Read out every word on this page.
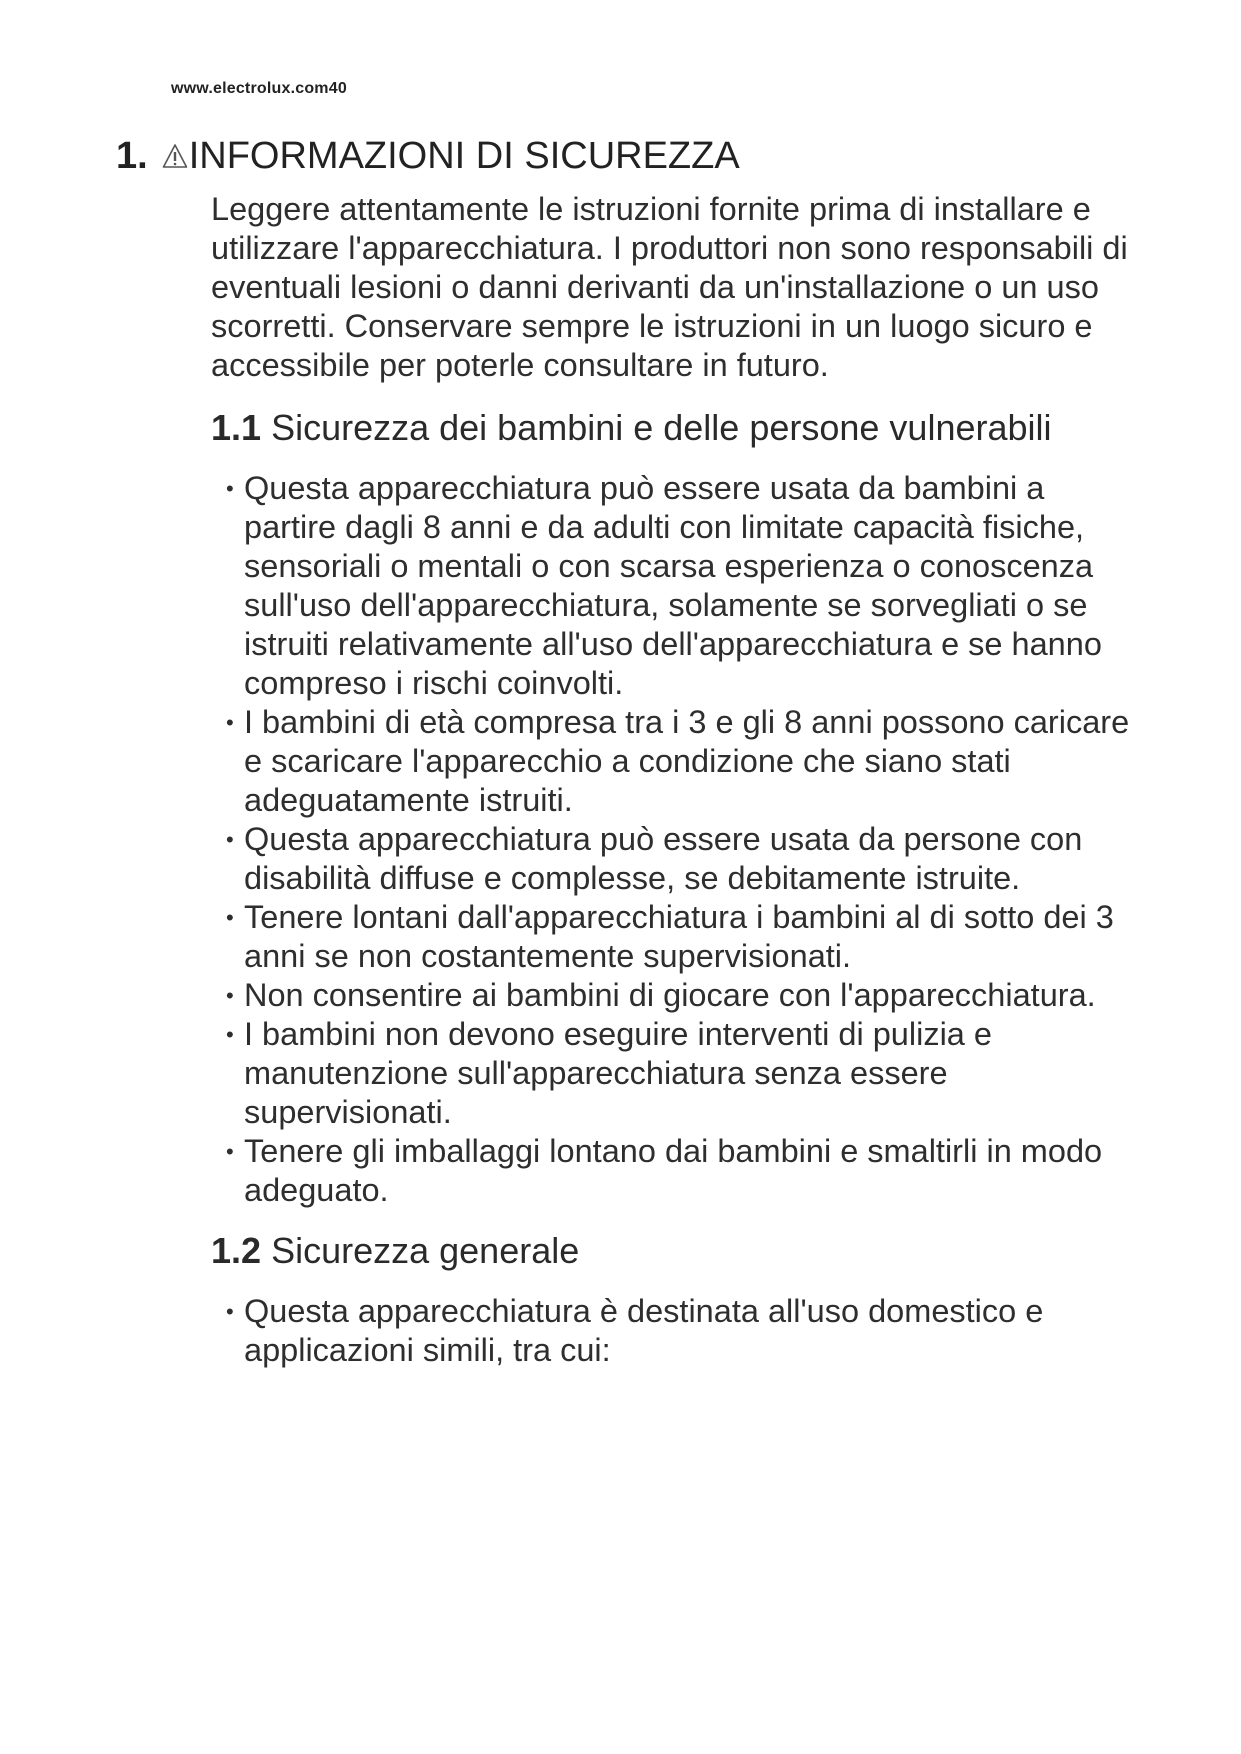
www.electrolux.com40
1. INFORMAZIONI DI SICUREZZA

Leggere attentamente le istruzioni fornite prima di installare e utilizzare l'apparecchiatura. I produttori non sono responsabili di eventuali lesioni o danni derivanti da un'installazione o un uso scorretti. Conservare sempre le istruzioni in un luogo sicuro e accessibile per poterle consultare in futuro.

1.1 Sicurezza dei bambini e delle persone vulnerabili
• Questa apparecchiatura può essere usata da bambini a partire dagli 8 anni e da adulti con limitate capacità fisiche, sensoriali o mentali o con scarsa esperienza o conoscenza sull'uso dell'apparecchiatura, solamente se sorvegliati o se istruiti relativamente all'uso dell'apparecchiatura e se hanno compreso i rischi coinvolti.
• I bambini di età compresa tra i 3 e gli 8 anni possono caricare e scaricare l'apparecchio a condizione che siano stati adeguatamente istruiti.
• Questa apparecchiatura può essere usata da persone con disabilità diffuse e complesse, se debitamente istruite.
• Tenere lontani dall'apparecchiatura i bambini al di sotto dei 3 anni se non costantemente supervisionati.
• Non consentire ai bambini di giocare con l'apparecchiatura.
• I bambini non devono eseguire interventi di pulizia e manutenzione sull'apparecchiatura senza essere supervisionati.
• Tenere gli imballaggi lontano dai bambini e smaltirli in modo adeguato.
1.2 Sicurezza generale
• Questa apparecchiatura è destinata all'uso domestico e applicazioni simili, tra cui:
